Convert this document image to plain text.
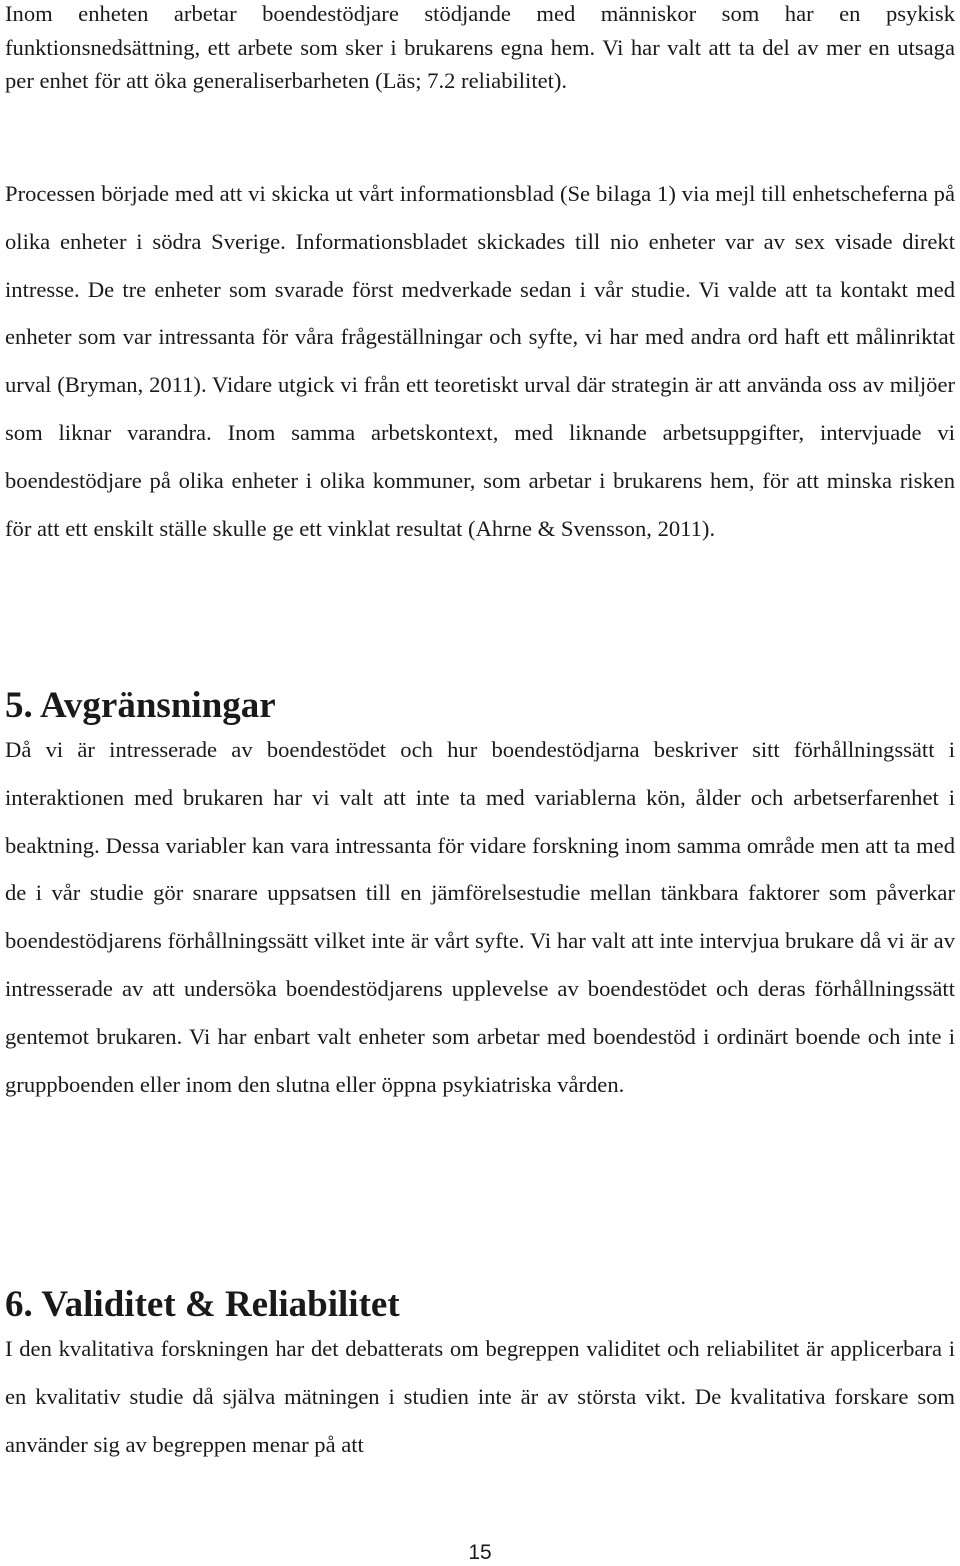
Inom enheten arbetar boendestödjare stödjande med människor som har en psykisk funktionsnedsättning, ett arbete som sker i brukarens egna hem. Vi har valt att ta del av mer en utsaga per enhet för att öka generaliserbarheten (Läs; 7.2 reliabilitet).

Processen började med att vi skicka ut vårt informationsblad (Se bilaga 1) via mejl till enhetscheferna på olika enheter i södra Sverige. Informationsbladet skickades till nio enheter var av sex visade direkt intresse. De tre enheter som svarade först medverkade sedan i vår studie. Vi valde att ta kontakt med enheter som var intressanta för våra frågeställningar och syfte, vi har med andra ord haft ett målinriktat urval (Bryman, 2011). Vidare utgick vi från ett teoretiskt urval där strategin är att använda oss av miljöer som liknar varandra. Inom samma arbetskontext, med liknande arbetsuppgifter, intervjuade vi boendestödjare på olika enheter i olika kommuner, som arbetar i brukarens hem, för att minska risken för att ett enskilt ställe skulle ge ett vinklat resultat (Ahrne & Svensson, 2011).

5. Avgränsningar

Då vi är intresserade av boendestödet och hur boendestödjarna beskriver sitt förhållningssätt i interaktionen med brukaren har vi valt att inte ta med variablerna kön, ålder och arbetserfarenhet i beaktning. Dessa variabler kan vara intressanta för vidare forskning inom samma område men att ta med de i vår studie gör snarare uppsatsen till en jämförelsestudie mellan tänkbara faktorer som påverkar boendestödjarens förhållningssätt vilket inte är vårt syfte. Vi har valt att inte intervjua brukare då vi är av intresserade av att undersöka boendestödjarens upplevelse av boendestödet och deras förhållningssätt gentemot brukaren. Vi har enbart valt enheter som arbetar med boendestöd i ordinärt boende och inte i gruppboenden eller inom den slutna eller öppna psykiatriska vården.

6. Validitet & Reliabilitet

I den kvalitativa forskningen har det debatterats om begreppen validitet och reliabilitet är applicerbara i en kvalitativ studie då själva mätningen i studien inte är av största vikt. De kvalitativa forskare som använder sig av begreppen menar på att

15
